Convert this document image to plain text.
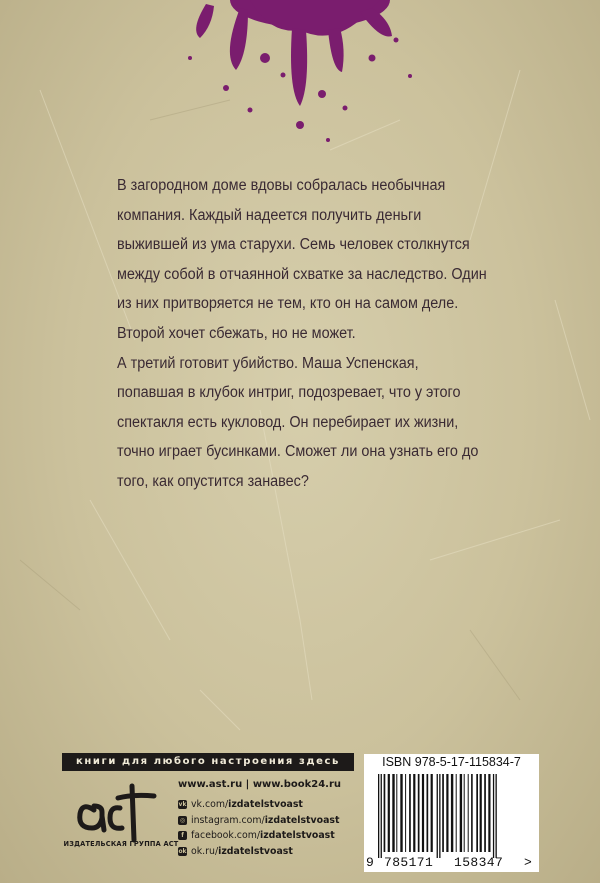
В загородном доме вдовы собралась необычная компания. Каждый надеется получить деньги выжившей из ума старухи. Семь человек столкнутся между собой в отчаянной схватке за наследство. Один из них притворяется не тем, кто он на самом деле. Второй хочет сбежать, но не может.

А третий готовит убийство. Маша Успенская, попавшая в клубок интриг, подозревает, что у этого спектакля есть кукловод. Он перебирает их жизни, точно играет бусинками. Сможет ли она узнать его до того, как опустится занавес?

книги для любого настроения здесь
ИЗДАТЕЛЬСКАЯ ГРУППА АСТ
www.ast.ru | www.book24.ru
vk vk.com/ izdatelstvoast
◎ instagram.com/ izdatelstvoast
f facebook.com/ izdatelstvoast
ok ok.ru/ izdatelstvoast
ISBN 978-5-17-115834-7
9 785171 158347 >
